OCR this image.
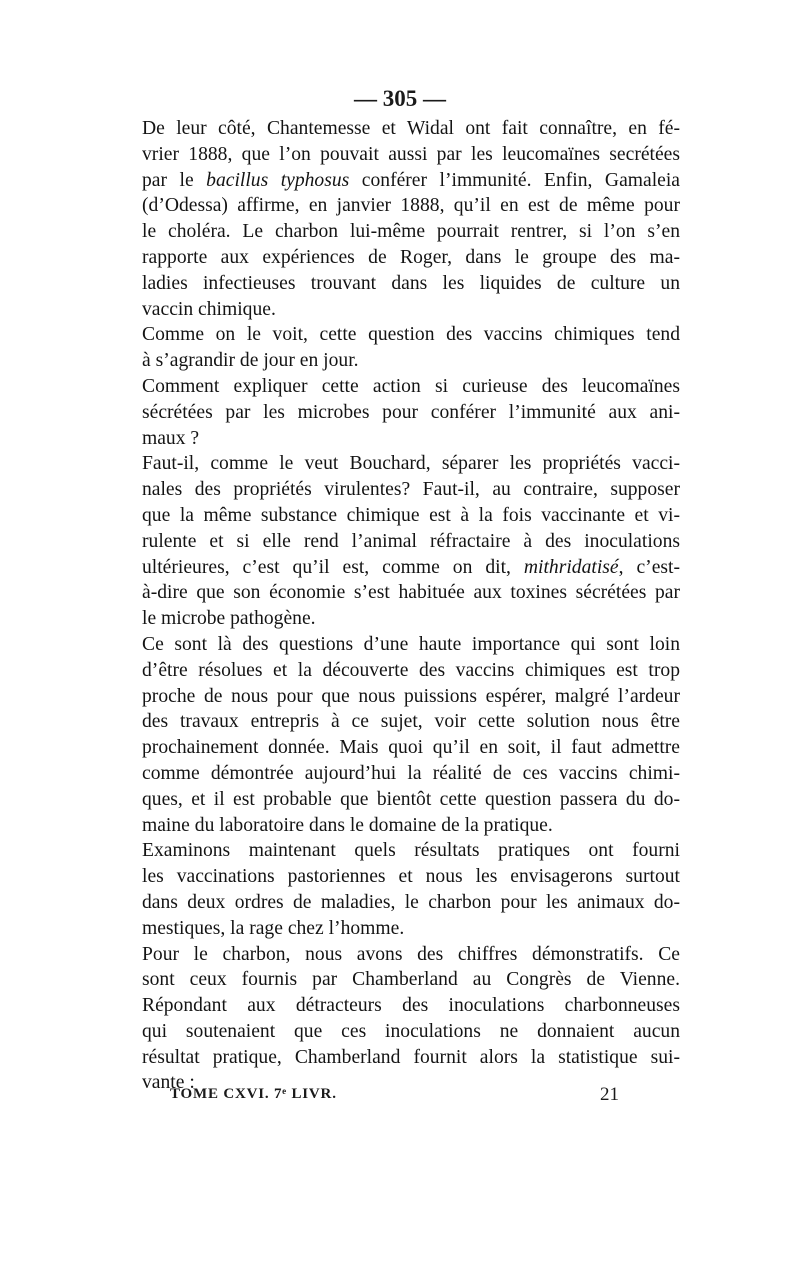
— 305 —

De leur côté, Chantemesse et Widal ont fait connaître, en fé-
vrier 1888, que l’on pouvait aussi par les leucomaïnes secrétées
par le bacillus typhosus conférer l’immunité. Enfin, Gamaleia
(d’Odessa) affirme, en janvier 1888, qu’il en est de même pour
le choléra. Le charbon lui-même pourrait rentrer, si l’on s’en
rapporte aux expériences de Roger, dans le groupe des ma-
ladies infectieuses trouvant dans les liquides de culture un
vaccin chimique.

Comme on le voit, cette question des vaccins chimiques tend
à s’agrandir de jour en jour.

Comment expliquer cette action si curieuse des leucomaïnes
sécrétées par les microbes pour conférer l’immunité aux ani-
maux ?

Faut-il, comme le veut Bouchard, séparer les propriétés vacci-
nales des propriétés virulentes? Faut-il, au contraire, supposer
que la même substance chimique est à la fois vaccinante et vi-
rulente et si elle rend l’animal réfractaire à des inoculations
ultérieures, c’est qu’il est, comme on dit, mithridatisé, c’est-
à-dire que son économie s’est habituée aux toxines sécrétées par
le microbe pathogène.

Ce sont là des questions d’une haute importance qui sont loin
d’être résolues et la découverte des vaccins chimiques est trop
proche de nous pour que nous puissions espérer, malgré l’ardeur
des travaux entrepris à ce sujet, voir cette solution nous être
prochainement donnée. Mais quoi qu’il en soit, il faut admettre
comme démontrée aujourd’hui la réalité de ces vaccins chimi-
ques, et il est probable que bientôt cette question passera du do-
maine du laboratoire dans le domaine de la pratique.

Examinons maintenant quels résultats pratiques ont fourni
les vaccinations pastoriennes et nous les envisagerons surtout
dans deux ordres de maladies, le charbon pour les animaux do-
mestiques, la rage chez l’homme.

Pour le charbon, nous avons des chiffres démonstratifs. Ce
sont ceux fournis par Chamberland au Congrès de Vienne.
Répondant aux détracteurs des inoculations charbonneuses
qui soutenaient que ces inoculations ne donnaient aucun
résultat pratique, Chamberland fournit alors la statistique sui-
vante :

TOME CXVI. 7ᵉ LIVR.	21
